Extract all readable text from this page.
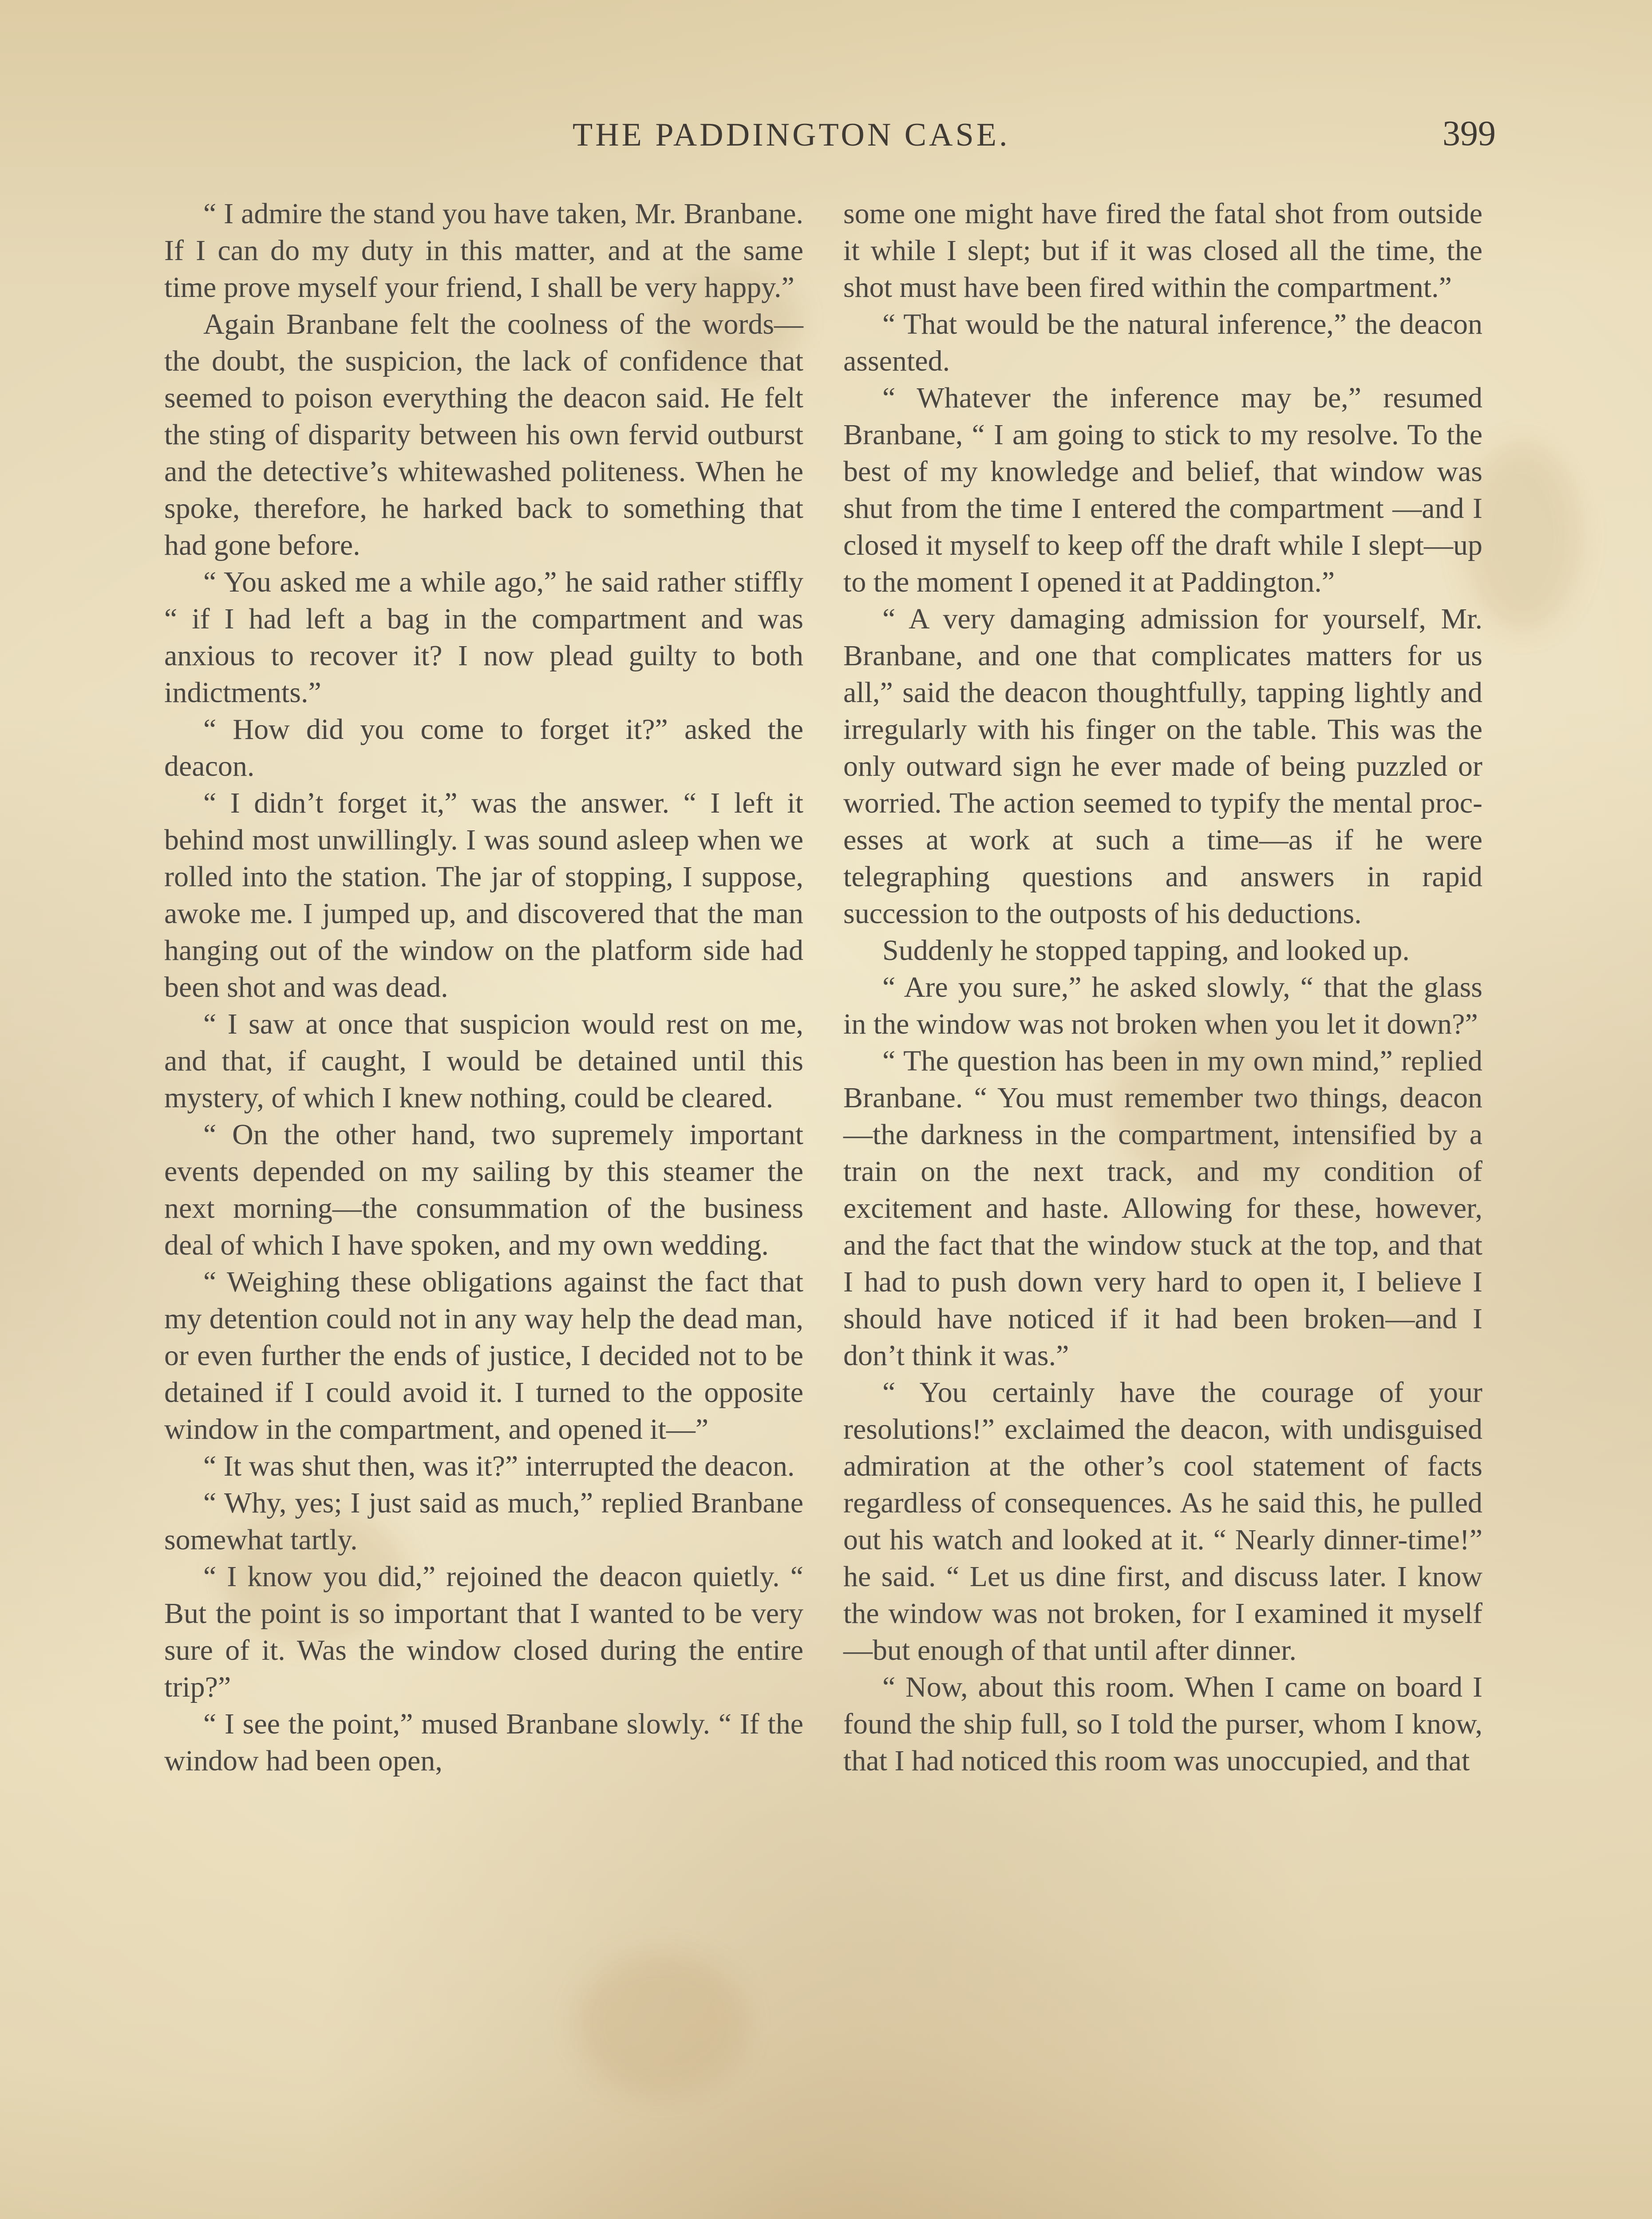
THE PADDINGTON CASE.	399

“ I admire the stand you have taken, Mr. Branbane. If I can do my duty in this matter, and at the same time prove myself your friend, I shall be very happy.”

Again Branbane felt the coolness of the words—the doubt, the suspicion, the lack of confidence that seemed to poison everything the deacon said. He felt the sting of disparity between his own fervid outburst and the detective’s whitewashed politeness. When he spoke, therefore, he harked back to something that had gone before.

“ You asked me a while ago,” he said rather stiffly “ if I had left a bag in the compartment and was anxious to recover it? I now plead guilty to both indictments.”

“ How did you come to forget it?” asked the deacon.

“ I didn’t forget it,” was the answer. “ I left it behind most unwillingly. I was sound asleep when we rolled into the station. The jar of stopping, I suppose, awoke me. I jumped up, and discovered that the man hanging out of the window on the platform side had been shot and was dead.

“ I saw at once that suspicion would rest on me, and that, if caught, I would be detained until this mystery, of which I knew nothing, could be cleared.

“ On the other hand, two supremely important events depended on my sailing by this steamer the next morning—the consummation of the business deal of which I have spoken, and my own wedding.

“ Weighing these obligations against the fact that my detention could not in any way help the dead man, or even further the ends of justice, I decided not to be detained if I could avoid it. I turned to the opposite window in the compartment, and opened it—”

“ It was shut then, was it?” interrupted the deacon.

“ Why, yes; I just said as much,” replied Branbane somewhat tartly.

“ I know you did,” rejoined the deacon quietly. “ But the point is so important that I wanted to be very sure of it. Was the window closed during the entire trip?”

“ I see the point,” mused Branbane slowly. “ If the window had been open,

some one might have fired the fatal shot from outside it while I slept; but if it was closed all the time, the shot must have been fired within the compartment.”

“ That would be the natural inference,” the deacon assented.

“ Whatever the inference may be,” resumed Branbane, “ I am going to stick to my resolve. To the best of my knowledge and belief, that window was shut from the time I entered the compartment —and I closed it myself to keep off the draft while I slept—up to the moment I opened it at Paddington.”

“ A very damaging admission for yourself, Mr. Branbane, and one that complicates matters for us all,” said the deacon thoughtfully, tapping lightly and irregularly with his finger on the table. This was the only outward sign he ever made of being puzzled or worried. The action seemed to typify the mental processes at work at such a time—as if he were telegraphing questions and answers in rapid succession to the outposts of his deductions.

Suddenly he stopped tapping, and looked up.

“ Are you sure,” he asked slowly, “ that the glass in the window was not broken when you let it down?”

“ The question has been in my own mind,” replied Branbane. “ You must remember two things, deacon—the darkness in the compartment, intensified by a train on the next track, and my condition of excitement and haste. Allowing for these, however, and the fact that the window stuck at the top, and that I had to push down very hard to open it, I believe I should have noticed if it had been broken—and I don’t think it was.”

“ You certainly have the courage of your resolutions!” exclaimed the deacon, with undisguised admiration at the other’s cool statement of facts regardless of consequences. As he said this, he pulled out his watch and looked at it. “ Nearly dinner-time!” he said. “ Let us dine first, and discuss later. I know the window was not broken, for I examined it myself—but enough of that until after dinner.

“ Now, about this room. When I came on board I found the ship full, so I told the purser, whom I know, that I had noticed this room was unoccupied, and that
